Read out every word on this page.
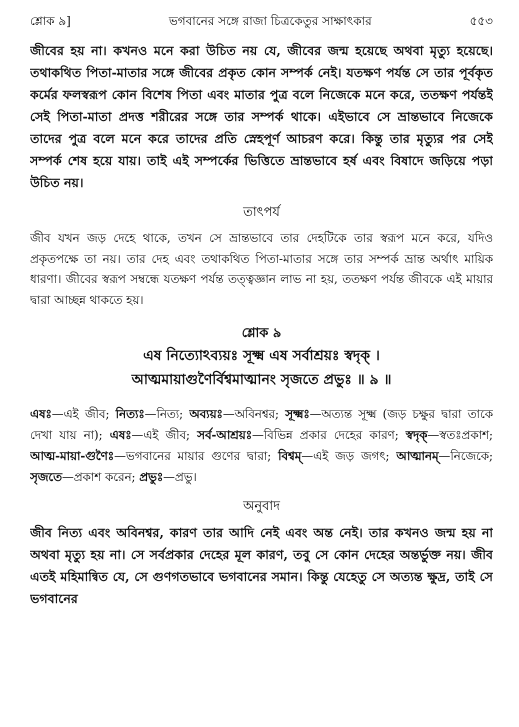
শ্লোক ৯]	ভগবানের সঙ্গে রাজা চিত্রকেতুর সাক্ষাৎকার	৫৫৩

জীবের হয় না। কখনও মনে করা উচিত নয় যে, জীবের জন্ম হয়েছে অথবা মৃত্যু হয়েছে। তথাকথিত পিতা-মাতার সঙ্গে জীবের প্রকৃত কোন সম্পর্ক নেই। যতক্ষণ পর্যন্ত সে তার পূর্বকৃত কর্মের ফলস্বরূপ কোন বিশেষ পিতা এবং মাতার পুত্র বলে নিজেকে মনে করে, ততক্ষণ পর্যন্তই সেই পিতা-মাতা প্রদত্ত শরীরের সঙ্গে তার সম্পর্ক থাকে। এইভাবে সে ভ্রান্তভাবে নিজেকে তাদের পুত্র বলে মনে করে তাদের প্রতি স্নেহপূর্ণ আচরণ করে। কিন্তু তার মৃত্যুর পর সেই সম্পর্ক শেষ হয়ে যায়। তাই এই সম্পর্কের ভিত্তিতে ভ্রান্তভাবে হর্ষ এবং বিষাদে জড়িয়ে পড়া উচিত নয়।

তাৎপর্য

জীব যখন জড় দেহে থাকে, তখন সে ভ্রান্তভাবে তার দেহটিকে তার স্বরূপ মনে করে, যদিও প্রকৃতপক্ষে তা নয়। তার দেহ এবং তথাকথিত পিতা-মাতার সঙ্গে তার সম্পর্ক ভ্রান্ত অর্থাৎ মায়িক ধারণা। জীবের স্বরূপ সম্বন্ধে যতক্ষণ পর্যন্ত তত্ত্বজ্ঞান লাভ না হয়, ততক্ষণ পর্যন্ত জীবকে এই মায়ার দ্বারা আচ্ছন্ন থাকতে হয়।

শ্লোক ৯
এষ নিত্যোঽব্যয়ঃ সূক্ষ্ম এষ সর্বাশ্রয়ঃ স্বদৃক্ ।
আত্মমায়াগুণৈর্বিশ্বমাত্মানং সৃজতে প্রভুঃ ॥ ৯ ॥

এষঃ—এই জীব; নিত্যঃ—নিত্য; অব্যয়ঃ—অবিনশ্বর; সূক্ষ্মঃ—অত্যন্ত সূক্ষ্ম (জড় চক্ষুর দ্বারা তাকে দেখা যায় না); এষঃ—এই জীব; সর্ব-আশ্রয়ঃ—বিভিন্ন প্রকার দেহের কারণ; স্বদৃক্—স্বতঃপ্রকাশ; আত্ম-মায়া-গুণৈঃ—ভগবানের মায়ার গুণের দ্বারা; বিশ্বম্—এই জড় জগৎ; আত্মানম্—নিজেকে; সৃজতে—প্রকাশ করেন; প্রভুঃ—প্রভু।

অনুবাদ

জীব নিত্য এবং অবিনশ্বর, কারণ তার আদি নেই এবং অন্ত নেই। তার কখনও জন্ম হয় না অথবা মৃত্যু হয় না। সে সর্বপ্রকার দেহের মূল কারণ, তবু সে কোন দেহের অন্তর্ভুক্ত নয়। জীব এতই মহিমান্বিত যে, সে গুণগতভাবে ভগবানের সমান। কিন্তু যেহেতু সে অত্যন্ত ক্ষুদ্র, তাই সে ভগবানের
